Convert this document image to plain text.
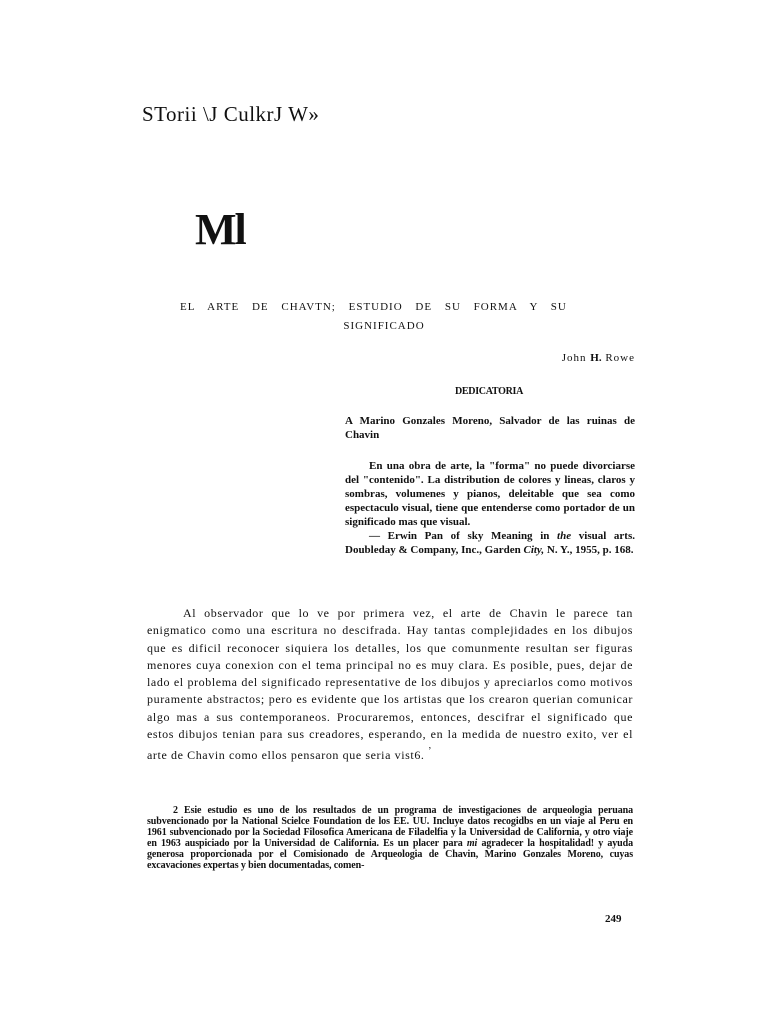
STorii \J CulkrJ W»
Ml
EL ARTE DE CHAVTN; ESTUDIO DE SU FORMA Y SU
SIGNIFICADO
John H. Rowe
DEDICATORIA
A Marino Gonzales Moreno, Salvador de las ruinas de Chavin

En una obra de arte, la "forma" no puede divorciarse del "contenido". La distribution de colores y lineas, claros y sombras, volumenes y pianos, deleitable que sea como espectaculo visual, tiene que entenderse como portador de un significado mas que visual.

— Erwin Pan of sky Meaning in the visual arts. Doubleday & Company, Inc., Garden City, N. Y., 1955, p. 168.

Al observador que lo ve por primera vez, el arte de Chavin le parece tan enigmatico como una escritura no descifrada. Hay tantas complejidades en los dibujos que es dificil reconocer siquiera los detalles, los que comunmente resultan ser figuras menores cuya conexion con el tema principal no es muy clara. Es posible, pues, dejar de lado el problema del significado representative de los dibujos y apreciarlos como motivos puramente abstractos; pero es evidente que los artistas que los crearon querian comunicar algo mas a sus contemporaneos. Procuraremos, entonces, descifrar el significado que estos dibujos tenian para sus creadores, esperando, en la medida de nuestro exito, ver el arte de Chavin como ellos pensaron que seria vist6. ’
2 Esie estudio es uno de los resultados de un programa de investigaciones de arqueologia peruana subvencionado por la National Scielce Foundation de los EE. UU. Incluye datos recogidbs en un viaje al Peru en 1961 subvencionado por la Sociedad Filosofica Americana de Filadelfia y la Universidad de California, y otro viaje en 1963 auspiciado por la Universidad de California. Es un placer para mi agradecer la hospitalidad! y ayuda generosa proporcionada por el Comisionado de Arqueologia de Chavin, Marino Gonzales Moreno, cuyas excavaciones expertas y bien documentadas, comen-
249
